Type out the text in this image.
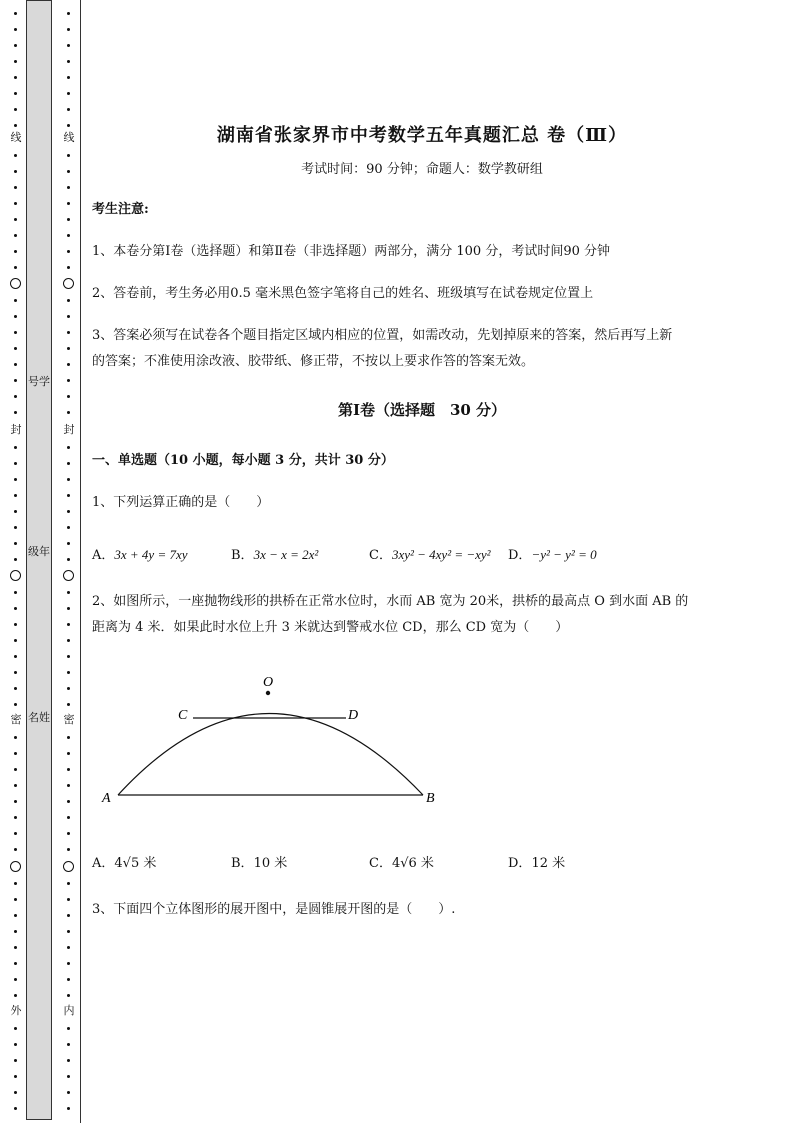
线
封
密
外
号学
级年
名姓
线
封
密
内
湖南省张家界市中考数学五年真题汇总 卷（Ⅲ）
考试时间：90 分钟；命题人：数学教研组
考生注意:
1、本卷分第Ⅰ卷（选择题）和第Ⅱ卷（非选择题）两部分，满分 100 分，考试时间90 分钟
2、答卷前，考生务必用0.5 毫米黑色签字笔将自己的姓名、班级填写在试卷规定位置上
3、答案必须写在试卷各个题目指定区域内相应的位置，如需改动，先划掉原来的答案，然后再写上新
的答案；不准使用涂改液、胶带纸、修正带，不按以上要求作答的答案无效。
第Ⅰ卷（选择题　30 分）
一、单选题（10 小题，每小题 3 分，共计 30 分）
1、下列运算正确的是（　　）
A．3x + 4y = 7xy	B．3x − x = 2x²	C．3xy² − 4xy² = −xy² D．−y² − y² = 0
2、如图所示，一座抛物线形的拱桥在正常水位时，水而 AB 宽为 20米，拱桥的最高点 O 到水面 AB 的
距离为 4 米．如果此时水位上升 3 米就达到警戒水位 CD，那么 CD 宽为（　　）
O
C	D
A	B
A．4√5 米	B．10 米	C．4√6 米	D．12 米
3、下面四个立体图形的展开图中，是圆锥展开图的是（　　）.
